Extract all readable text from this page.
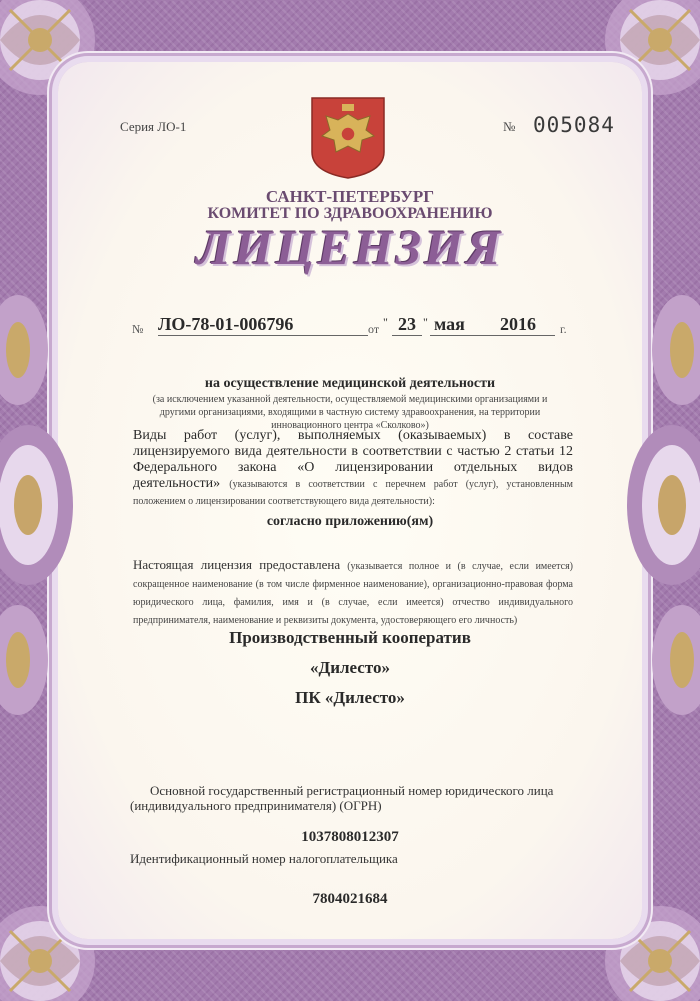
Серия ЛО-1	№ 005084
САНКТ-ПЕТЕРБУРГ
КОМИТЕТ ПО ЗДРАВООХРАНЕНИЮ
ЛИЦЕНЗИЯ
№ ЛО-78-01-006796	от " 23 " мая	2016	г.
на осуществление медицинской деятельности
(за исключением указанной деятельности, осуществляемой медицинскими организациями и другими организациями, входящими в частную систему здравоохранения, на территории инновационного центра «Сколково»)
Виды работ (услуг), выполняемых (оказываемых) в составе лицензируемого вида деятельности в соответствии с частью 2 статьи 12 Федерального закона «О лицензировании отдельных видов деятельности» (указываются в соответствии с перечнем работ (услуг), установленным положением о лицензировании соответствующего вида деятельности):
согласно приложению(ям)
Настоящая лицензия предоставлена (указывается полное и (в случае, если имеется) сокращенное наименование (в том числе фирменное наименование), организационно-правовая форма юридического лица, фамилия, имя и (в случае, если имеется) отчество индивидуального предпринимателя, наименование и реквизиты документа, удостоверяющего его личность)
Производственный кооператив
«Дилесто»
ПК «Дилесто»
Основной государственный регистрационный номер юридического лица
(индивидуального предпринимателя) (ОГРН)
1037808012307
Идентификационный номер налогоплательщика
7804021684
